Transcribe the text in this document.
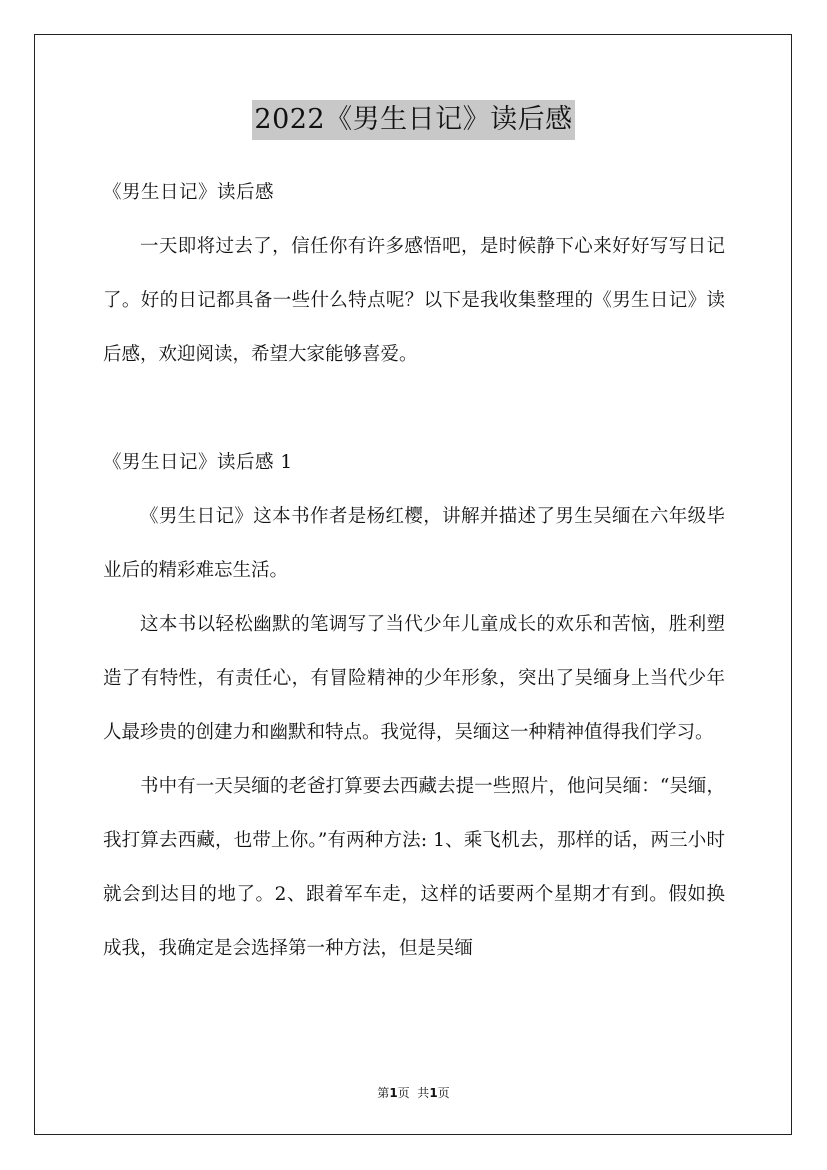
2022《男生日记》读后感

《男生日记》读后感

一天即将过去了，信任你有许多感悟吧，是时候静下心来好好写写日记了。好的日记都具备一些什么特点呢？以下是我收集整理的《男生日记》读后感，欢迎阅读，希望大家能够喜爱。

《男生日记》读后感 1

《男生日记》这本书作者是杨红樱，讲解并描述了男生吴缅在六年级毕业后的精彩难忘生活。

这本书以轻松幽默的笔调写了当代少年儿童成长的欢乐和苦恼，胜利塑造了有特性，有责任心，有冒险精神的少年形象，突出了吴缅身上当代少年人最珍贵的创建力和幽默和特点。我觉得，吴缅这一种精神值得我们学习。

书中有一天吴缅的老爸打算要去西藏去提一些照片，他问吴缅：“吴缅，我打算去西藏，也带上你。”有两种方法: 1、乘飞机去，那样的话，两三小时就会到达目的地了。2、跟着军车走，这样的话要两个星期才有到。假如换成我，我确定是会选择第一种方法，但是吴缅

第1页  共1页
